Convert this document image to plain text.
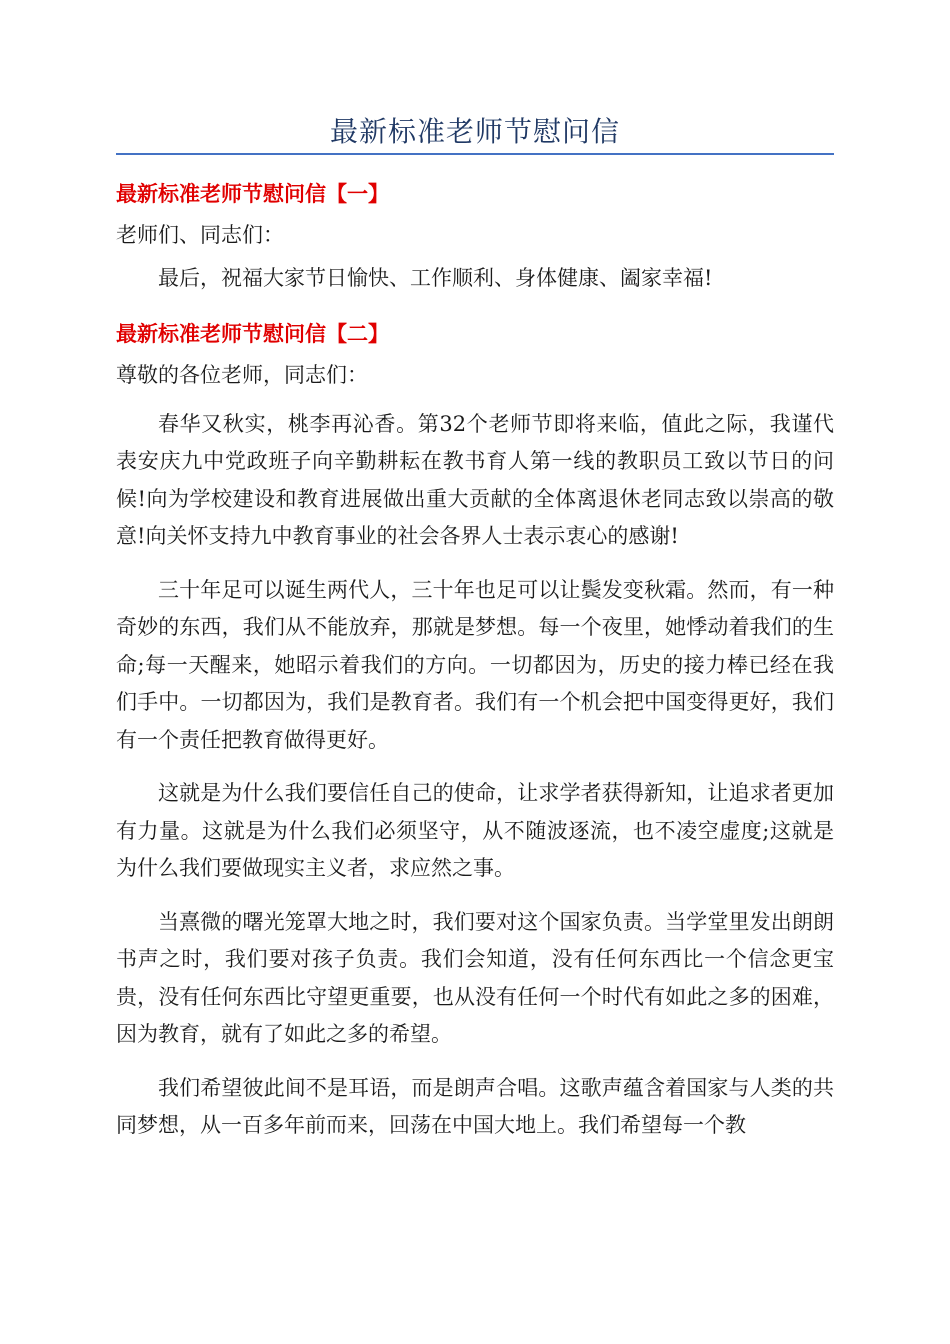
最新标准老师节慰问信
最新标准老师节慰问信【一】

老师们、同志们：

最后，祝福大家节日愉快、工作顺利、身体健康、阖家幸福!

最新标准老师节慰问信【二】

尊敬的各位老师，同志们：

春华又秋实，桃李再沁香。第32个老师节即将来临，值此之际，我谨代表安庆九中党政班子向辛勤耕耘在教书育人第一线的教职员工致以节日的问候!向为学校建设和教育进展做出重大贡献的全体离退休老同志致以崇高的敬意!向关怀支持九中教育事业的社会各界人士表示衷心的感谢!

三十年足可以诞生两代人，三十年也足可以让鬓发变秋霜。然而，有一种奇妙的东西，我们从不能放弃，那就是梦想。每一个夜里，她悸动着我们的生命;每一天醒来，她昭示着我们的方向。一切都因为，历史的接力棒已经在我们手中。一切都因为，我们是教育者。我们有一个机会把中国变得更好，我们有一个责任把教育做得更好。

这就是为什么我们要信任自己的使命，让求学者获得新知，让追求者更加有力量。这就是为什么我们必须坚守，从不随波逐流，也不凌空虚度;这就是为什么我们要做现实主义者，求应然之事。

当熹微的曙光笼罩大地之时，我们要对这个国家负责。当学堂里发出朗朗书声之时，我们要对孩子负责。我们会知道，没有任何东西比一个信念更宝贵，没有任何东西比守望更重要，也从没有任何一个时代有如此之多的困难，因为教育，就有了如此之多的希望。

我们希望彼此间不是耳语，而是朗声合唱。这歌声蕴含着国家与人类的共同梦想，从一百多年前而来，回荡在中国大地上。我们希望每一个教
